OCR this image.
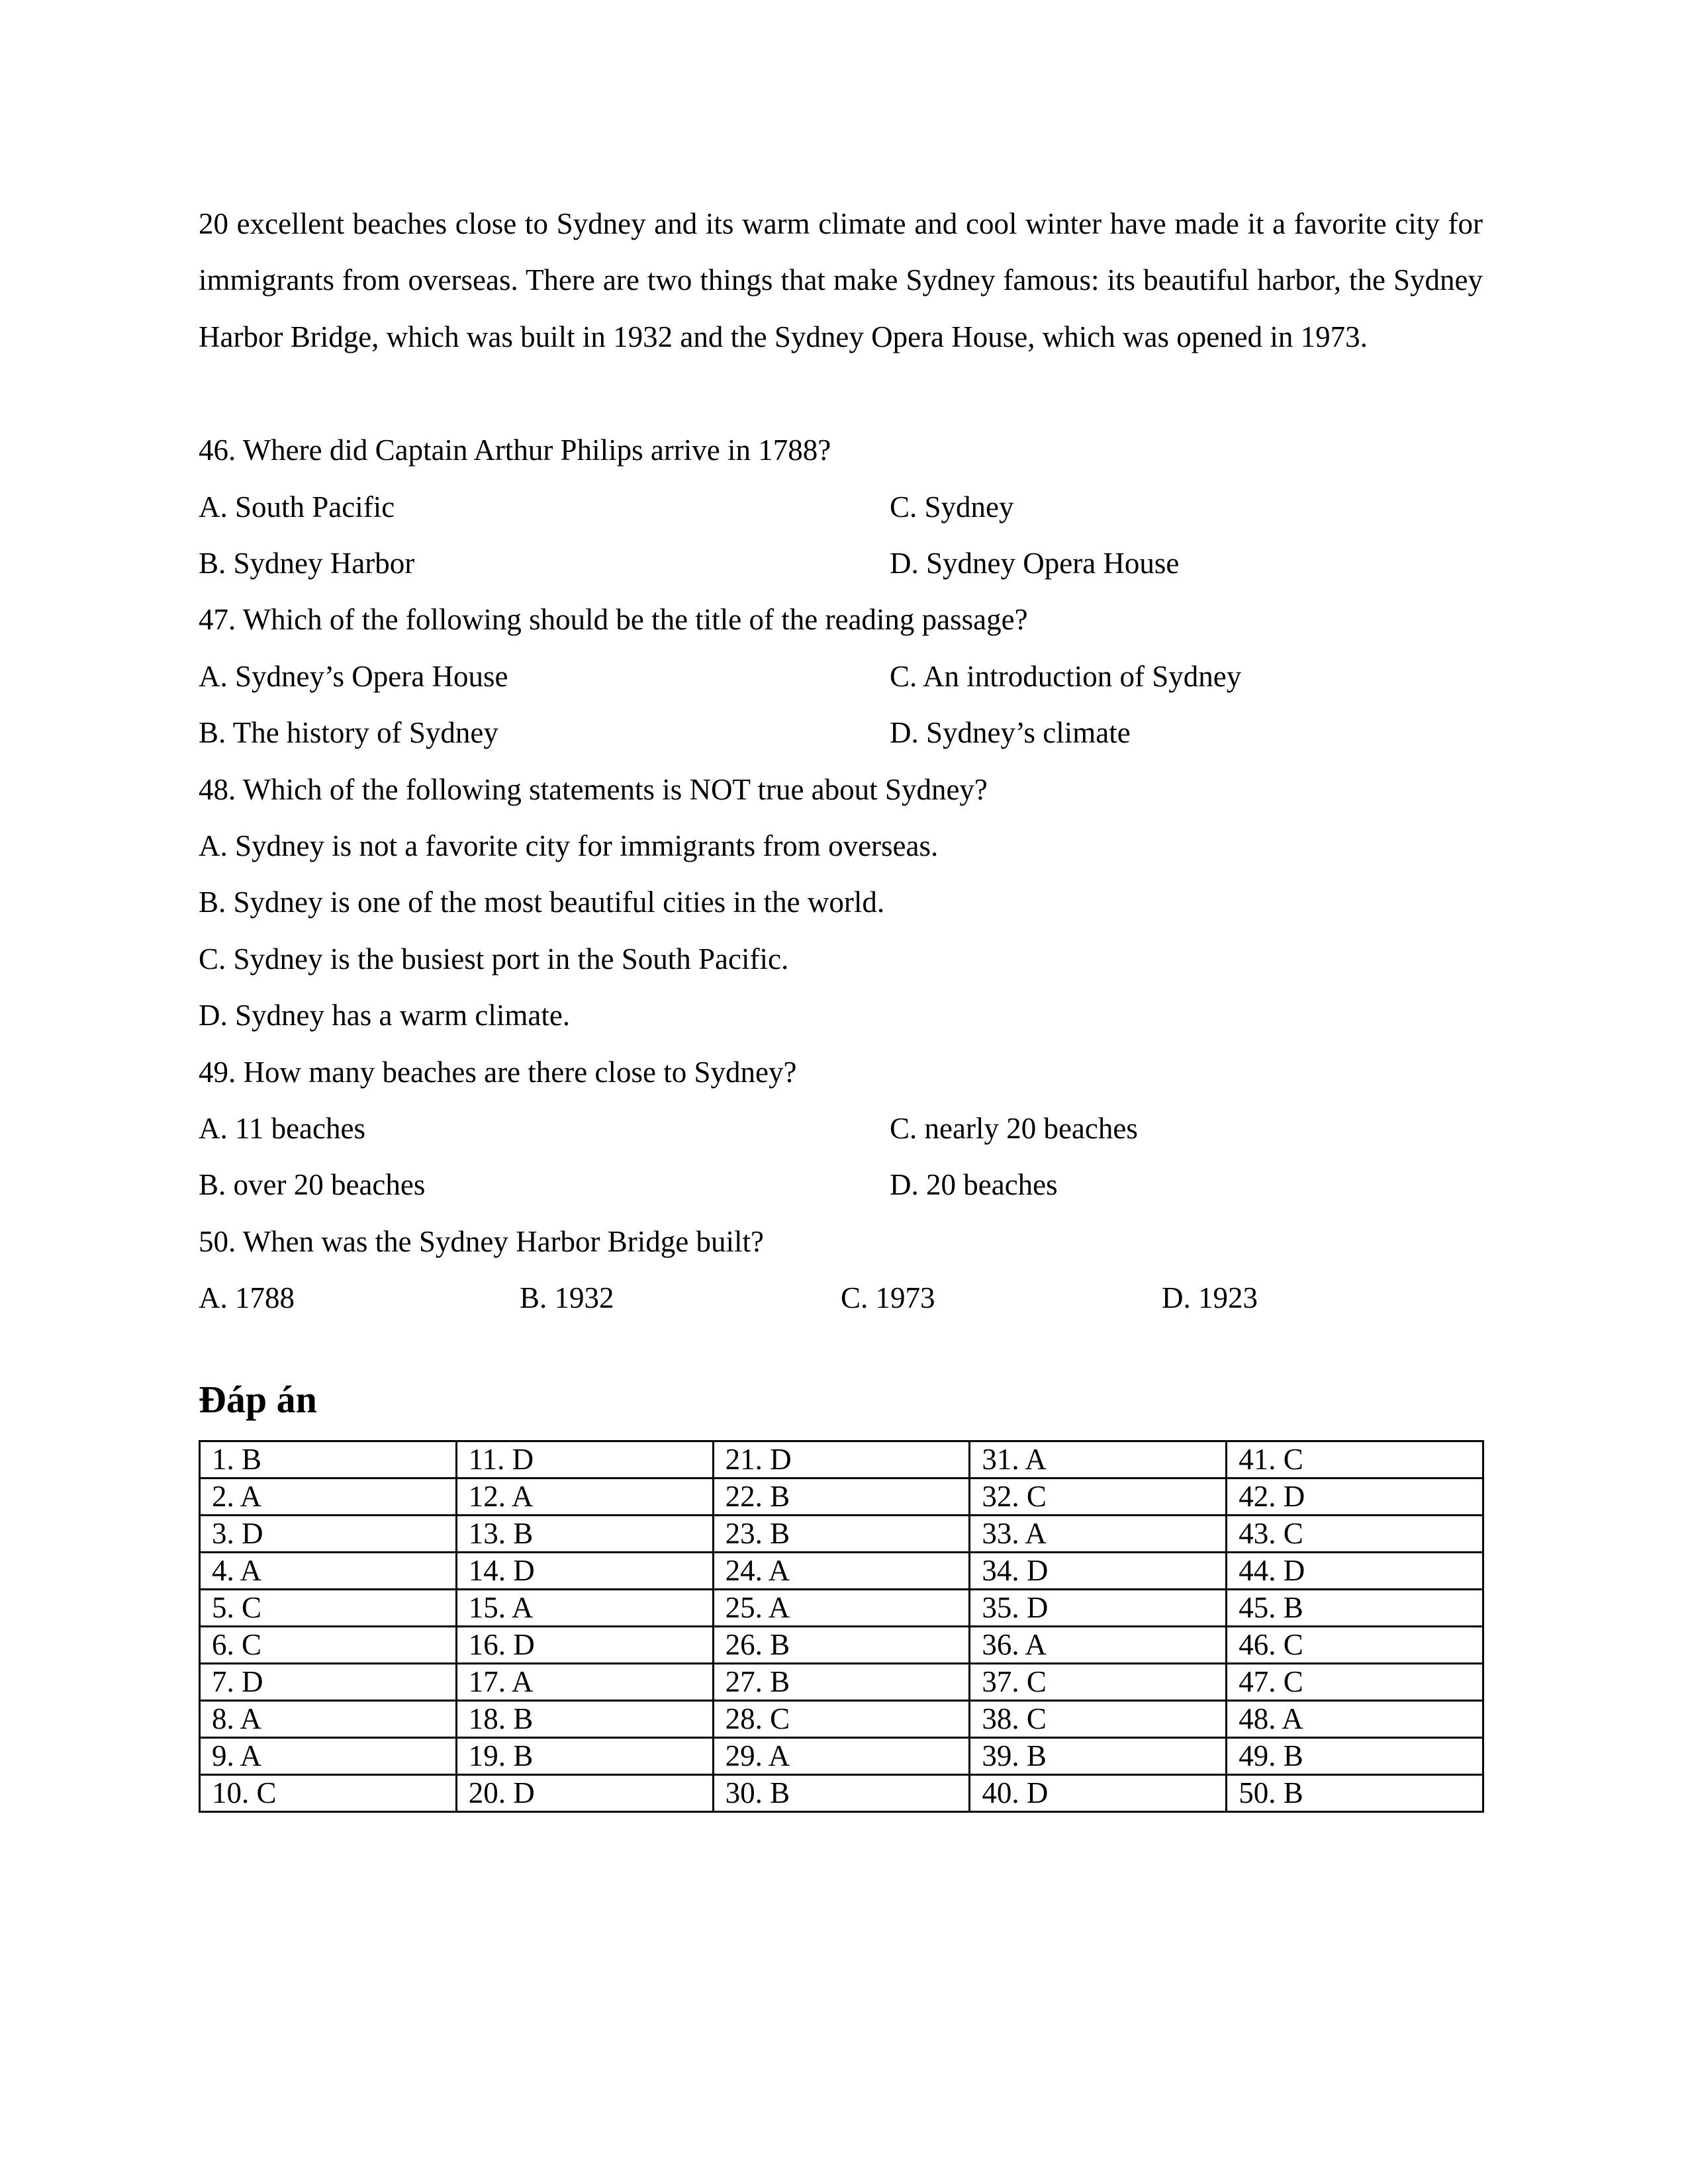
20 excellent beaches close to Sydney and its warm climate and cool winter have made it a favorite city for immigrants from overseas. There are two things that make Sydney famous: its beautiful harbor, the Sydney Harbor Bridge, which was built in 1932 and the Sydney Opera House, which was opened in 1973.

46. Where did Captain Arthur Philips arrive in 1788?
A. South Pacific	C. Sydney
B. Sydney Harbor	D. Sydney Opera House
47. Which of the following should be the title of the reading passage?
A. Sydney’s Opera House	C. An introduction of Sydney
B. The history of Sydney	D. Sydney’s climate
48. Which of the following statements is NOT true about Sydney?
A. Sydney is not a favorite city for immigrants from overseas.
B. Sydney is one of the most beautiful cities in the world.
C. Sydney is the busiest port in the South Pacific.
D. Sydney has a warm climate.
49. How many beaches are there close to Sydney?
A. 11 beaches	C. nearly 20 beaches
B. over 20 beaches	D. 20 beaches
50. When was the Sydney Harbor Bridge built?
A. 1788	B. 1932	C. 1973	D. 1923
Đáp án
1. B	11. D	21. D	31. A	41. C
2. A	12. A	22. B	32. C	42. D
3. D	13. B	23. B	33. A	43. C
4. A	14. D	24. A	34. D	44. D
5. C	15. A	25. A	35. D	45. B
6. C	16. D	26. B	36. A	46. C
7. D	17. A	27. B	37. C	47. C
8. A	18. B	28. C	38. C	48. A
9. A	19. B	29. A	39. B	49. B
10. C	20. D	30. B	40. D	50. B
